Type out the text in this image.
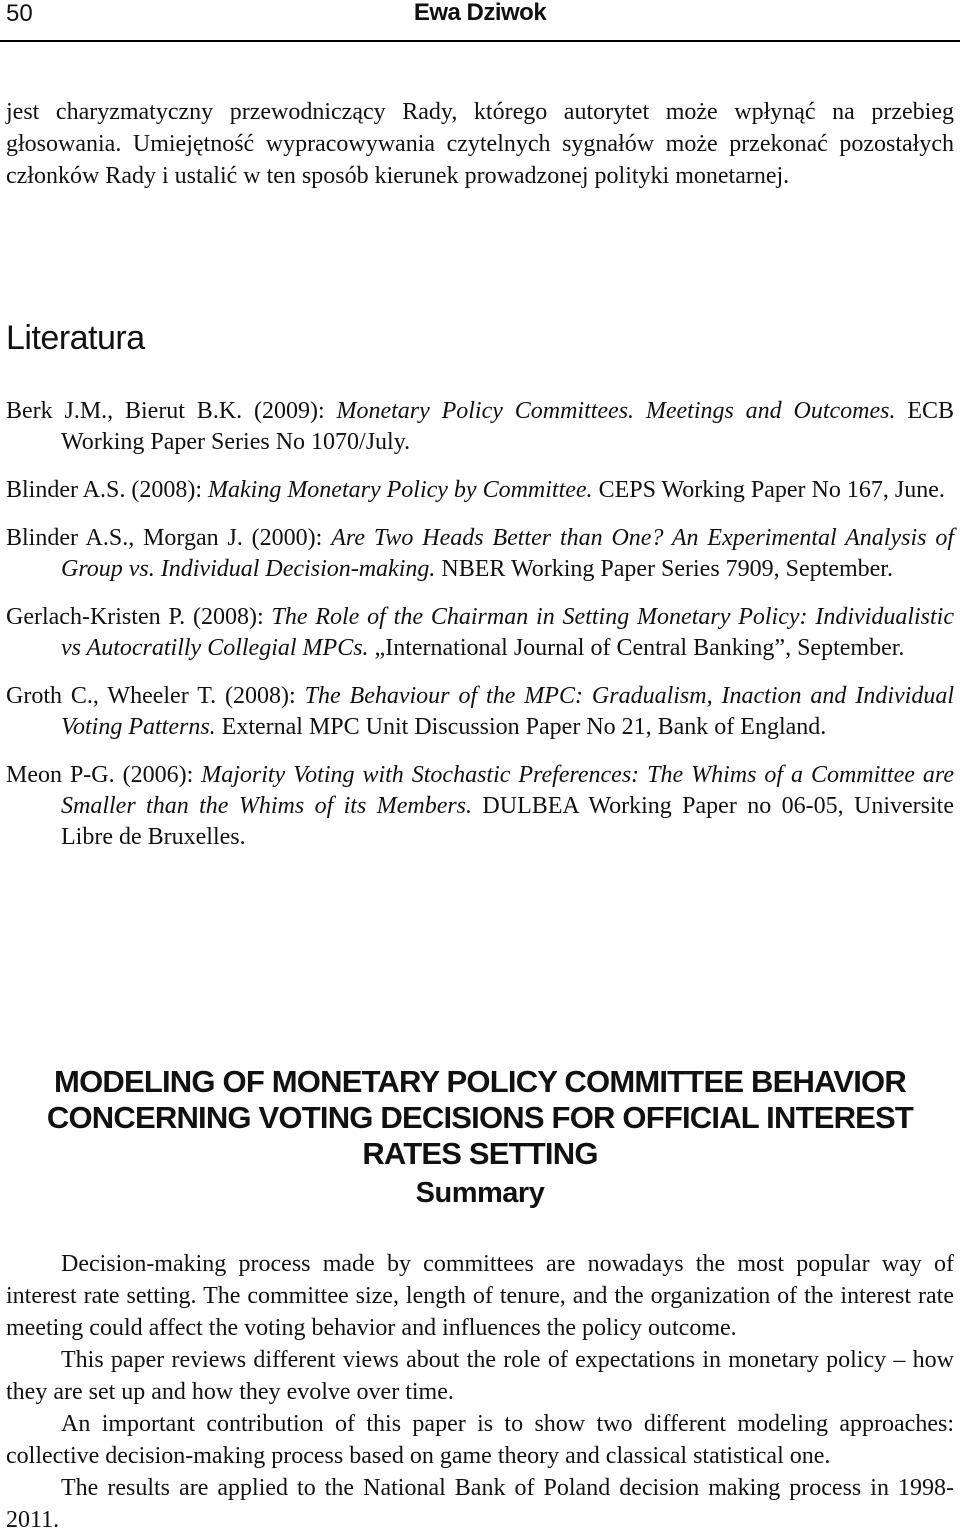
50	Ewa Dziwok

jest charyzmatyczny przewodniczący Rady, którego autorytet może wpłynąć na przebieg głosowania. Umiejętność wypracowywania czytelnych sygnałów może przekonać pozostałych członków Rady i ustalić w ten sposób kierunek prowadzonej polityki monetarnej.

Literatura

Berk J.M., Bierut B.K. (2009): Monetary Policy Committees. Meetings and Outcomes. ECB Working Paper Series No 1070/July.

Blinder A.S. (2008): Making Monetary Policy by Committee. CEPS Working Paper No 167, June.

Blinder A.S., Morgan J. (2000): Are Two Heads Better than One? An Experimental Analysis of Group vs. Individual Decision-making. NBER Working Paper Series 7909, September.

Gerlach-Kristen P. (2008): The Role of the Chairman in Setting Monetary Policy: Individualistic vs Autocratilly Collegial MPCs. „International Journal of Central Banking”, September.

Groth C., Wheeler T. (2008): The Behaviour of the MPC: Gradualism, Inaction and Individual Voting Patterns. External MPC Unit Discussion Paper No 21, Bank of England.

Meon P-G. (2006): Majority Voting with Stochastic Preferences: The Whims of a Committee are Smaller than the Whims of its Members. DULBEA Working Paper no 06-05, Universite Libre de Bruxelles.

MODELING OF MONETARY POLICY COMMITTEE BEHAVIOR CONCERNING VOTING DECISIONS FOR OFFICIAL INTEREST RATES SETTING
Summary

Decision-making process made by committees are nowadays the most popular way of interest rate setting. The committee size, length of tenure, and the organization of the interest rate meeting could affect the voting behavior and influences the policy outcome.

This paper reviews different views about the role of expectations in monetary policy – how they are set up and how they evolve over time.

An important contribution of this paper is to show two different modeling approaches: collective decision-making process based on game theory and classical statistical one.

The results are applied to the National Bank of Poland decision making process in 1998-2011.
